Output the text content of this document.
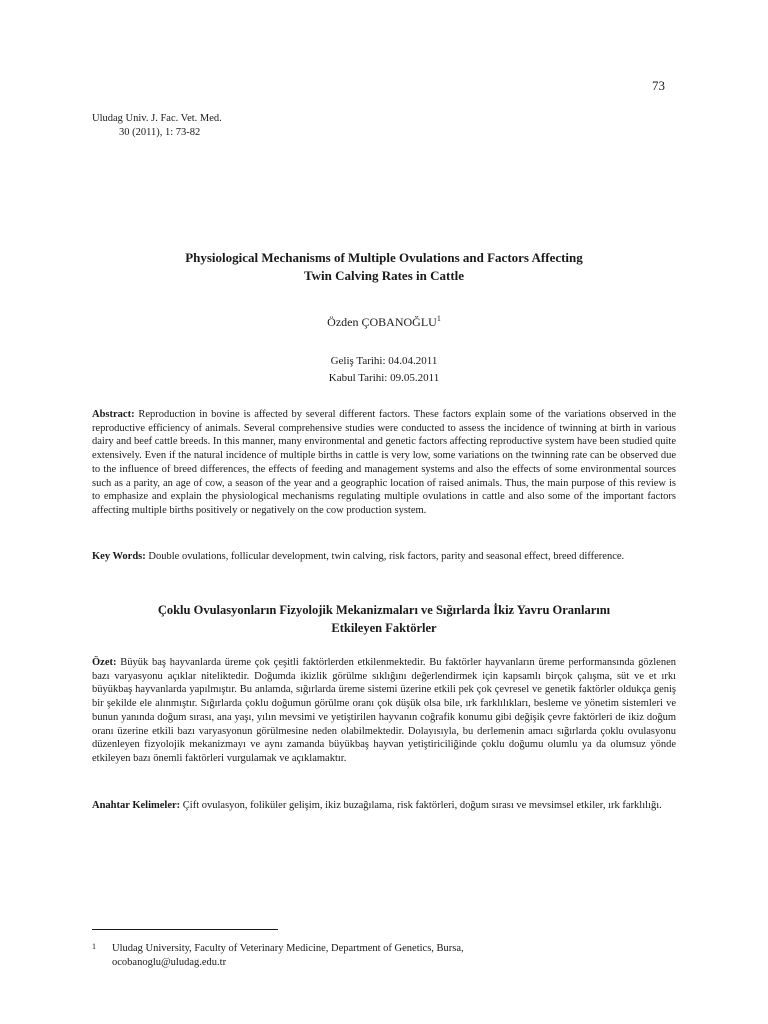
73
Uludag Univ. J. Fac. Vet. Med.
30 (2011), 1: 73-82
Physiological Mechanisms of Multiple Ovulations and Factors Affecting
Twin Calving Rates in Cattle
Özden ÇOBANOĞLU$^1$
Geliş Tarihi: 04.04.2011
Kabul Tarihi: 09.05.2011
Abstract: Reproduction in bovine is affected by several different factors. These factors explain some of the variations observed in the reproductive efficiency of animals. Several comprehensive studies were conducted to assess the incidence of twinning at birth in various dairy and beef cattle breeds. In this manner, many environmental and genetic factors affecting reproductive system have been studied quite extensively. Even if the natural incidence of multiple births in cattle is very low, some variations on the twinning rate can be observed due to the influence of breed differences, the effects of feeding and management systems and also the effects of some environmental sources such as a parity, an age of cow, a season of the year and a geographic location of raised animals. Thus, the main purpose of this review is to emphasize and explain the physiological mechanisms regulating multiple ovulations in cattle and also some of the important factors affecting multiple births positively or negatively on the cow production system.
Key Words: Double ovulations, follicular development, twin calving, risk factors, parity and seasonal effect, breed difference.
Çoklu Ovulasyonların Fizyolojik Mekanizmaları ve Sığırlarda İkiz Yavru Oranlarını
Etkileyen Faktörler
Özet: Büyük baş hayvanlarda üreme çok çeşitli faktörlerden etkilenmektedir. Bu faktörler hayvanların üreme performansında gözlenen bazı varyasyonu açıklar niteliktedir. Doğumda ikizlik görülme sıklığını değerlendirmek için kapsamlı birçok çalışma, süt ve et ırkı büyükbaş hayvanlarda yapılmıştır. Bu anlamda, sığırlarda üreme sistemi üzerine etkili pek çok çevresel ve genetik faktörler oldukça geniş bir şekilde ele alınmıştır. Sığırlarda çoklu doğumun görülme oranı çok düşük olsa bile, ırk farklılıkları, besleme ve yönetim sistemleri ve bunun yanında doğum sırası, ana yaşı, yılın mevsimi ve yetiştirilen hayvanın coğrafik konumu gibi değişik çevre faktörleri de ikiz doğum oranı üzerine etkili bazı varyasyonun görülmesine neden olabilmektedir. Dolayısıyla, bu derlemenin amacı sığırlarda çoklu ovulasyonu düzenleyen fizyolojik mekanizmayı ve aynı zamanda büyükbaş hayvan yetiştiriciliğinde çoklu doğumu olumlu ya da olumsuz yönde etkileyen bazı önemli faktörleri vurgulamak ve açıklamaktır.
Anahtar Kelimeler: Çift ovulasyon, foliküler gelişim, ikiz buzağılama, risk faktörleri, doğum sırası ve mevsimsel etkiler, ırk farklılığı.
1	Uludag University, Faculty of Veterinary Medicine, Department of Genetics, Bursa,
ocobanoglu@uludag.edu.tr
